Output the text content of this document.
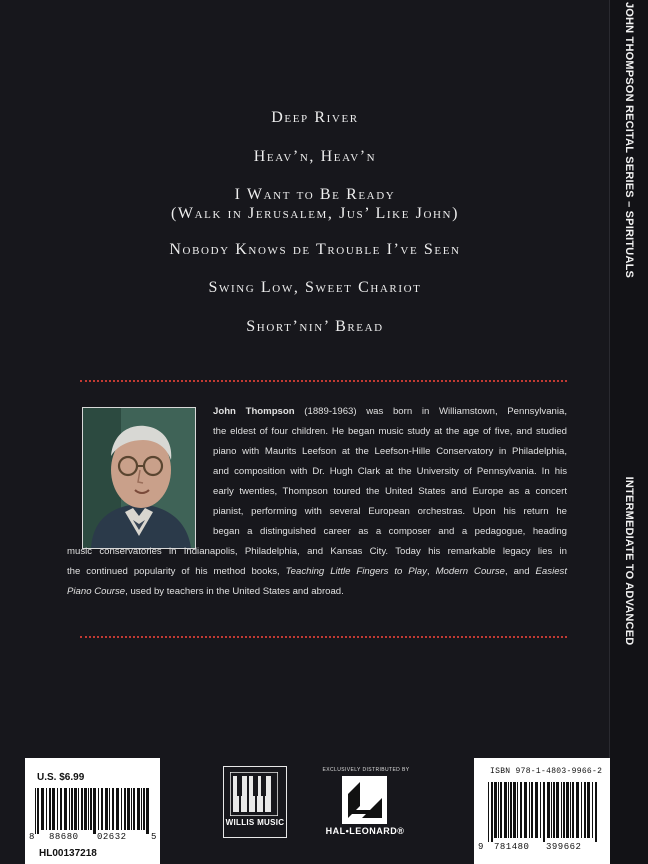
JOHN THOMPSON RECITAL SERIES – SPIRITUALS
INTERMEDIATE TO ADVANCED
Deep River
Heav’n, Heav’n
I Want to Be Ready
(Walk in Jerusalem, Jus’ Like John)
Nobody Knows de Trouble I’ve Seen
Swing Low, Sweet Chariot
Short’nin’ Bread
John Thompson (1889-1963) was born in Williamstown, Pennsylvania,
the eldest of four children. He began music study at the age of five, and studied
piano with Maurits Leefson at the Leefson-Hille Conservatory in Philadelphia,
and composition with Dr. Hugh Clark at the University of Pennsylvania. In his
early twenties, Thompson toured the United States and Europe as a concert
pianist, performing with several European orchestras. Upon his return he
began a distinguished career as a composer and a pedagogue, heading
music conservatories in Indianapolis, Philadelphia, and Kansas City. Today his remarkable legacy lies in
the continued popularity of his method books, Teaching Little Fingers to Play, Modern Course, and Easiest
Piano Course, used by teachers in the United States and abroad.
U.S. $6.99
8 88680 02632	5
HL00137218
WILLIS MUSIC
EXCLUSIVELY DISTRIBUTED BY
HAL•LEONARD®
ISBN 978-1-4803-9966-2
9 781480 399662
